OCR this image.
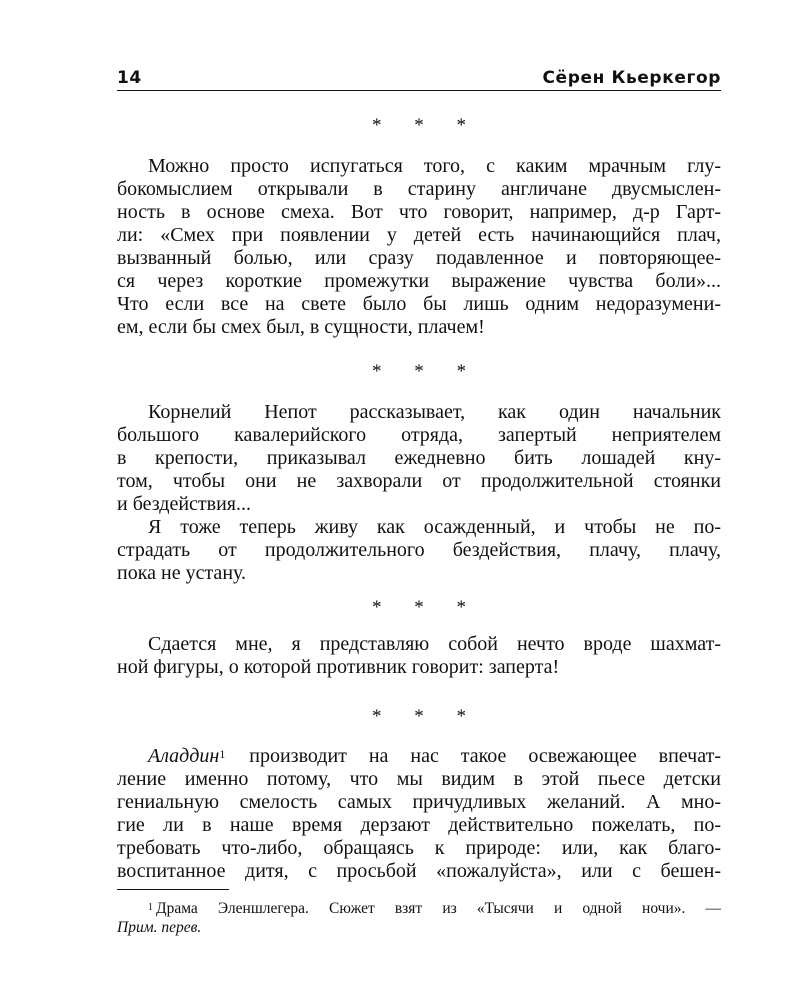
14	Сёрен Кьеркегор
* * *

Можно просто испугаться того, с каким мрачным глу-

бокомыслием открывали в старину англичане двусмыслен-

ность в основе смеха. Вот что говорит, например, д-р Гарт-

ли: «Смех при появлении у детей есть начинающийся плач,

вызванный болью, или сразу подавленное и повторяющее-

ся через короткие промежутки выражение чувства боли»...

Что если все на свете было бы лишь одним недоразумени-

ем, если бы смех был, в сущности, плачем!

* * *

Корнелий Непот рассказывает, как один начальник

большого кавалерийского отряда, запертый неприятелем

в крепости, приказывал ежедневно бить лошадей кну-

том, чтобы они не захворали от продолжительной стоянки

и бездействия...

Я тоже теперь живу как осажденный, и чтобы не по-

страдать от продолжительного бездействия, плачу, плачу,

пока не устану.

* * *

Сдается мне, я представляю собой нечто вроде шахмат-

ной фигуры, о которой противник говорит: заперта!

* * *

Аладдин$^1$ производит на нас такое освежающее впечат-

ление именно потому, что мы видим в этой пьесе детски

гениальную смелость самых причудливых желаний. А мно-

гие ли в наше время дерзают действительно пожелать, по-

требовать что-либо, обращаясь к природе: или, как благо-

воспитанное дитя, с просьбой «пожалуйста», или с бешен-

$^1$ Драма Эленшлегера. Сюжет взят из «Тысячи и одной ночи». —

Прим. перев.
